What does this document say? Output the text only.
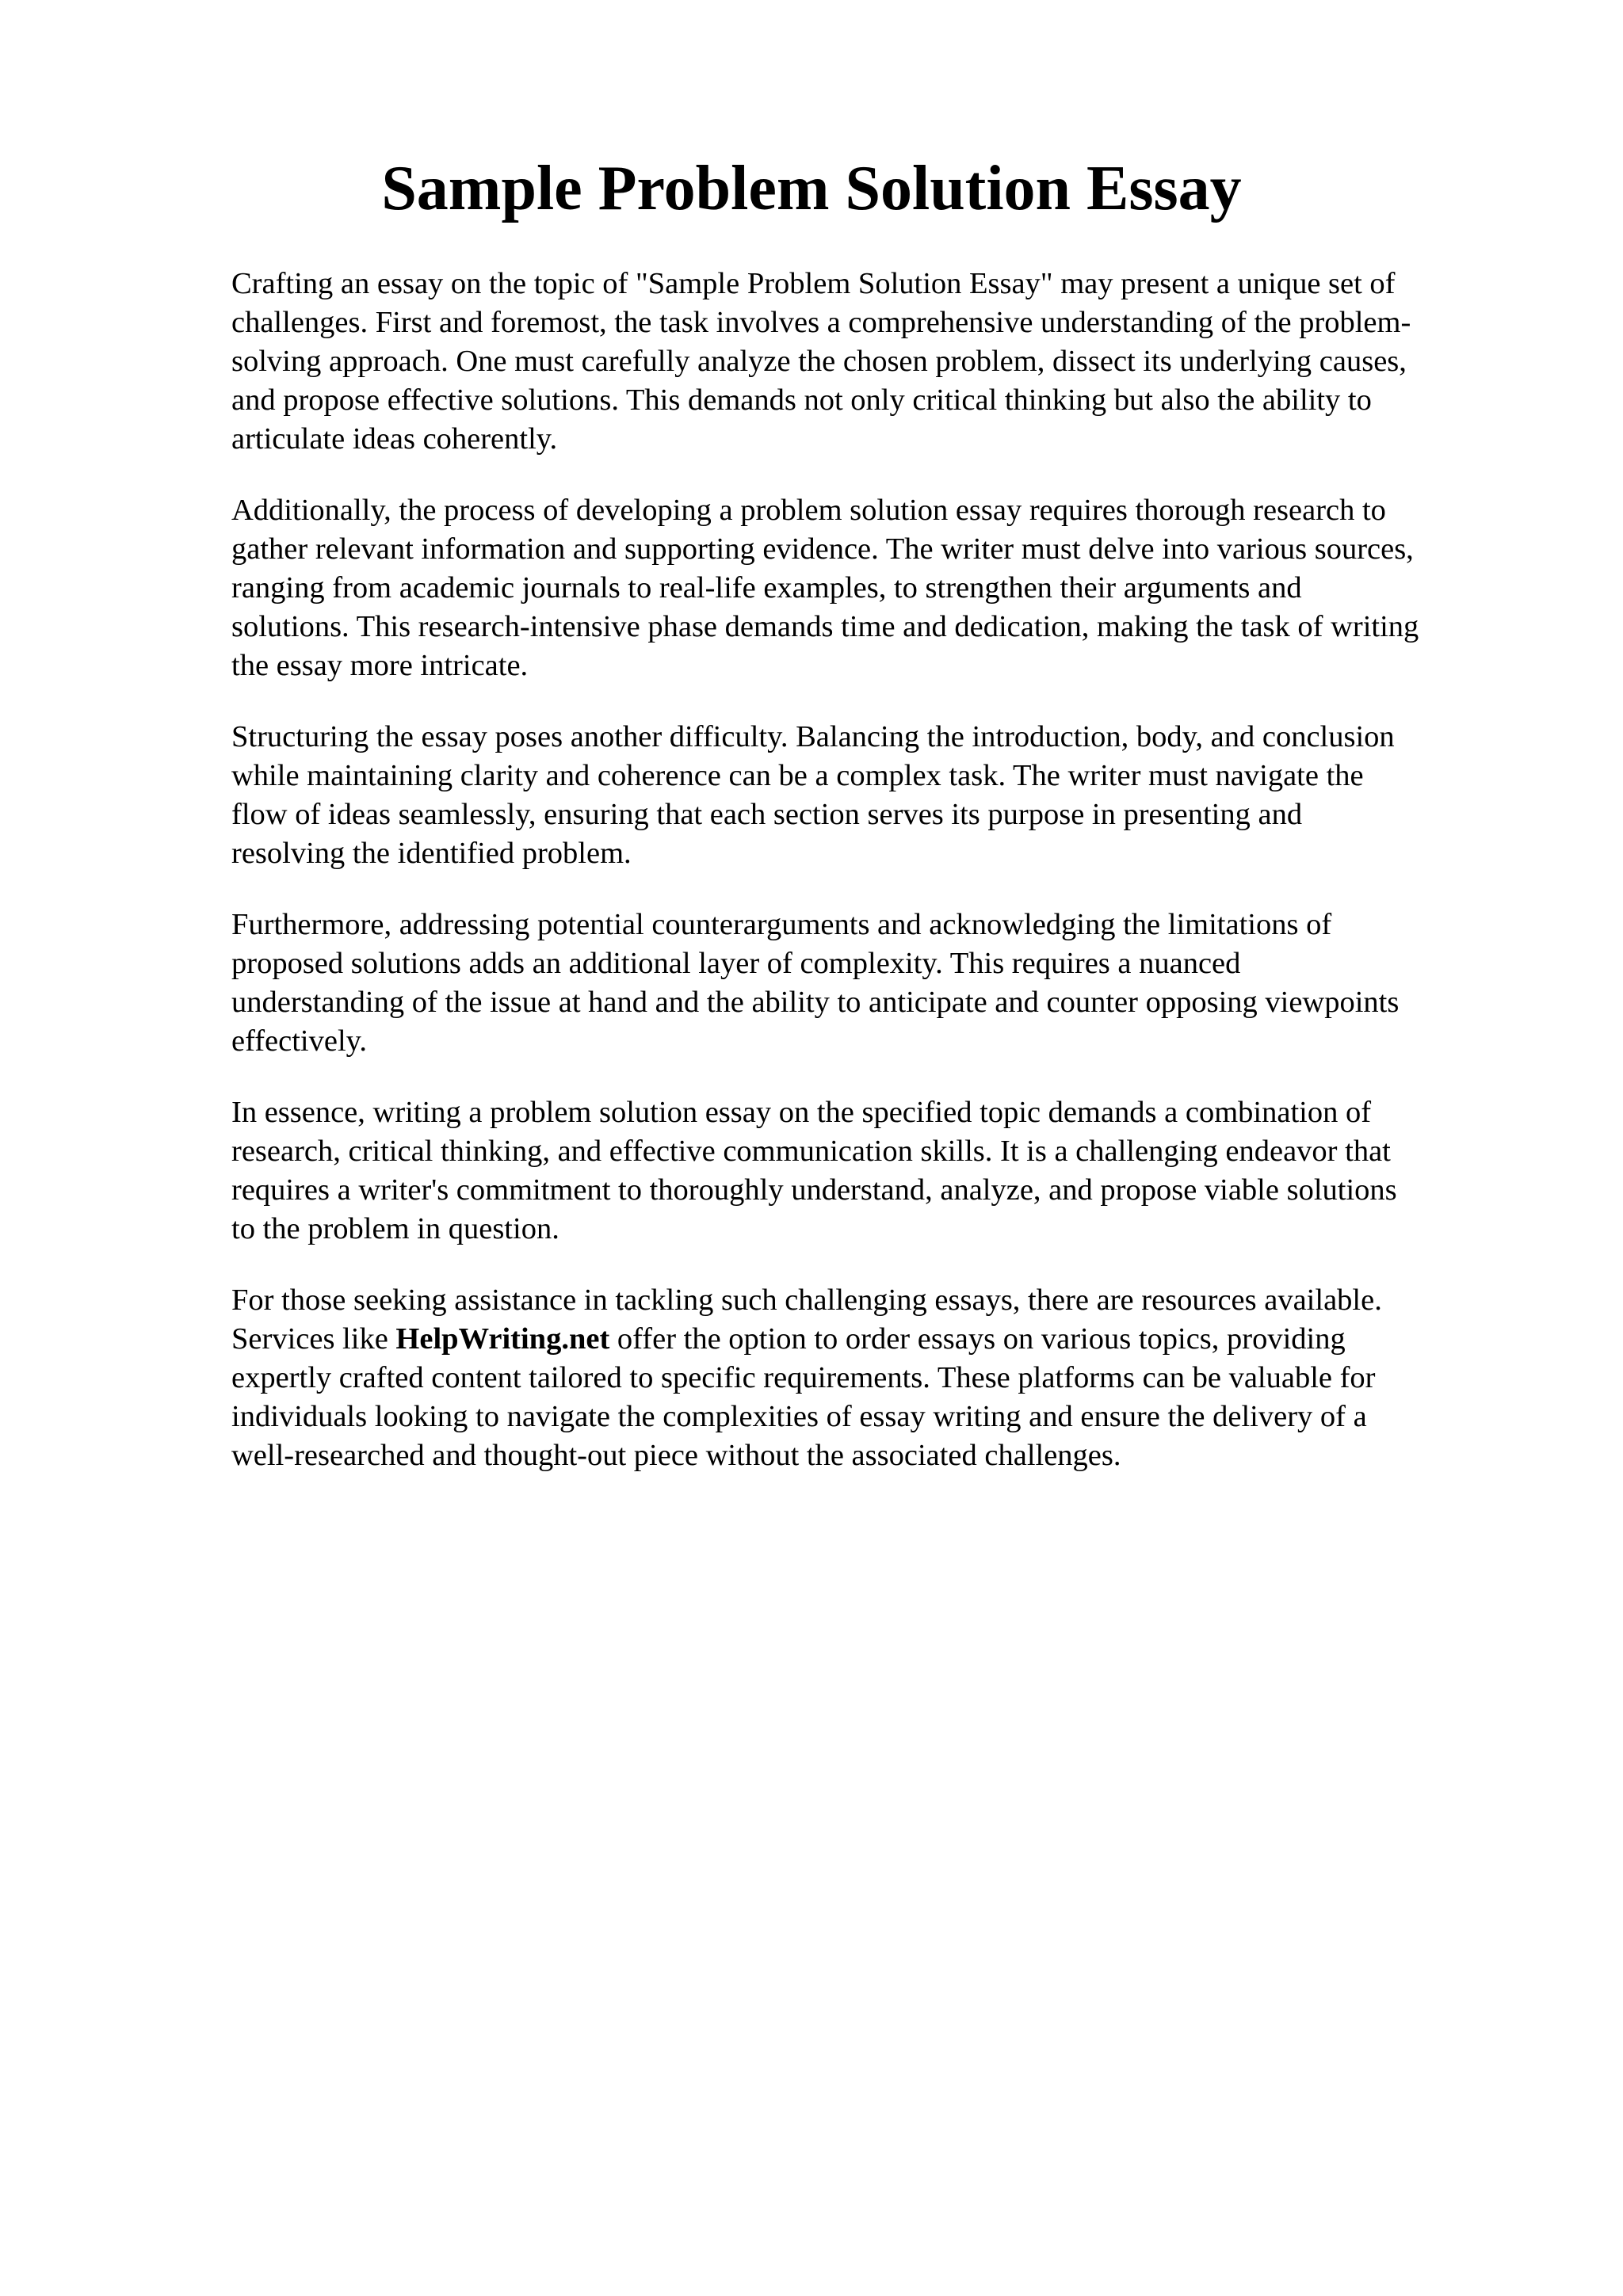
Sample Problem Solution Essay

Crafting an essay on the topic of "Sample Problem Solution Essay" may present a unique set of
challenges. First and foremost, the task involves a comprehensive understanding of the problem-
solving approach. One must carefully analyze the chosen problem, dissect its underlying causes,
and propose effective solutions. This demands not only critical thinking but also the ability to
articulate ideas coherently.

Additionally, the process of developing a problem solution essay requires thorough research to
gather relevant information and supporting evidence. The writer must delve into various sources,
ranging from academic journals to real-life examples, to strengthen their arguments and
solutions. This research-intensive phase demands time and dedication, making the task of writing
the essay more intricate.

Structuring the essay poses another difficulty. Balancing the introduction, body, and conclusion
while maintaining clarity and coherence can be a complex task. The writer must navigate the
flow of ideas seamlessly, ensuring that each section serves its purpose in presenting and
resolving the identified problem.

Furthermore, addressing potential counterarguments and acknowledging the limitations of
proposed solutions adds an additional layer of complexity. This requires a nuanced
understanding of the issue at hand and the ability to anticipate and counter opposing viewpoints
effectively.

In essence, writing a problem solution essay on the specified topic demands a combination of
research, critical thinking, and effective communication skills. It is a challenging endeavor that
requires a writer's commitment to thoroughly understand, analyze, and propose viable solutions
to the problem in question.

For those seeking assistance in tackling such challenging essays, there are resources available.
Services like HelpWriting.net offer the option to order essays on various topics, providing
expertly crafted content tailored to specific requirements. These platforms can be valuable for
individuals looking to navigate the complexities of essay writing and ensure the delivery of a
well-researched and thought-out piece without the associated challenges.
